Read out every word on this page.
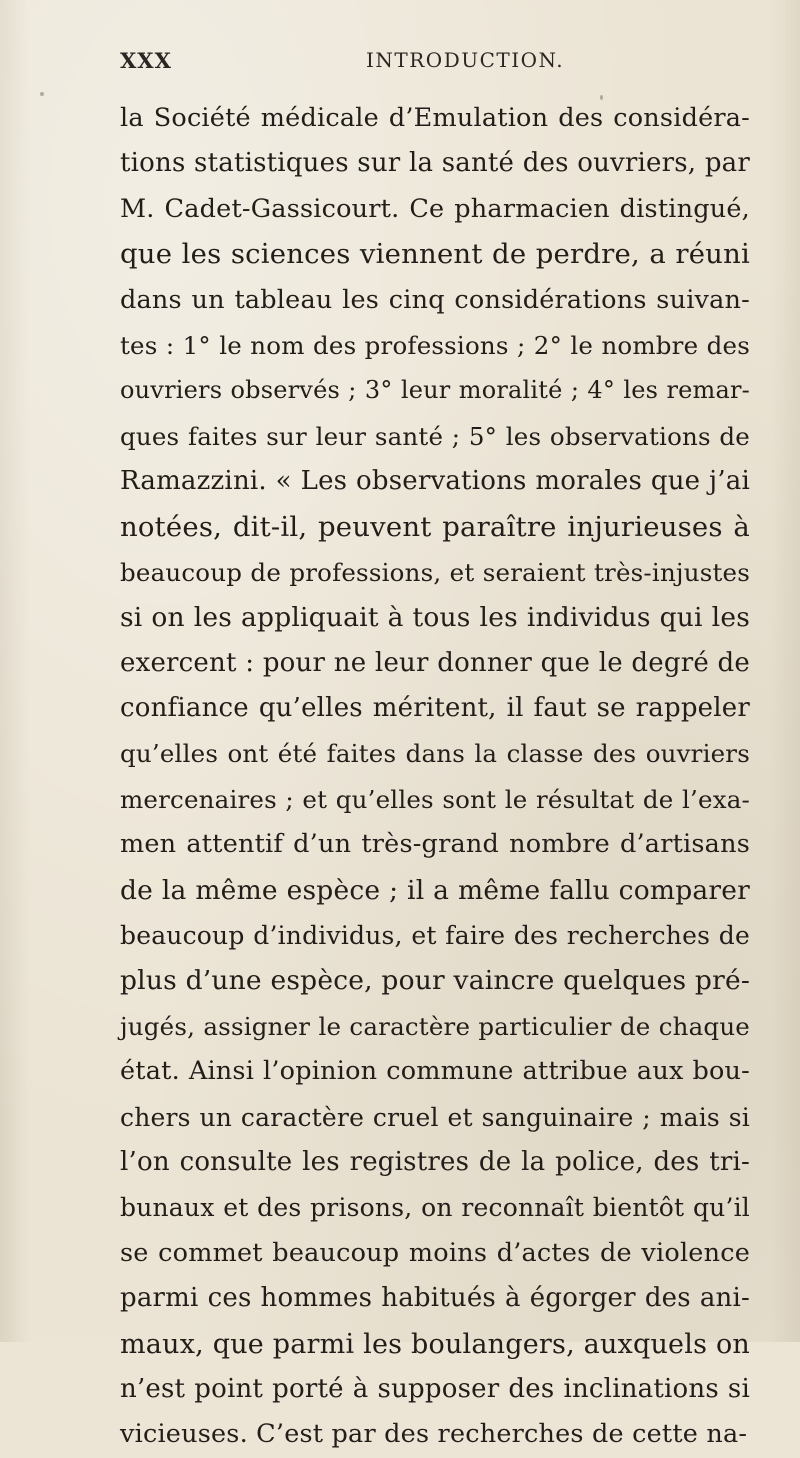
XXX	INTRODUCTION.
la Société médicale d’Emulation des considéra-
tions statistiques sur la santé des ouvriers, par
M. Cadet-Gassicourt. Ce pharmacien distingué,
que les sciences viennent de perdre, a réuni
dans un tableau les cinq considérations suivan-
tes : 1° le nom des professions ; 2° le nombre des
ouvriers observés ; 3° leur moralité ; 4° les remar-
ques faites sur leur santé ; 5° les observations de
Ramazzini. « Les observations morales que j’ai
notées, dit-il, peuvent paraître injurieuses à
beaucoup de professions, et seraient très-injustes
si on les appliquait à tous les individus qui les
exercent : pour ne leur donner que le degré de
confiance qu’elles méritent, il faut se rappeler
qu’elles ont été faites dans la classe des ouvriers
mercenaires ; et qu’elles sont le résultat de l’exa-
men attentif d’un très-grand nombre d’artisans
de la même espèce ; il a même fallu comparer
beaucoup d’individus, et faire des recherches de
plus d’une espèce, pour vaincre quelques pré-
jugés, assigner le caractère particulier de chaque
état. Ainsi l’opinion commune attribue aux bou-
chers un caractère cruel et sanguinaire ; mais si
l’on consulte les registres de la police, des tri-
bunaux et des prisons, on reconnaît bientôt qu’il
se commet beaucoup moins d’actes de violence
parmi ces hommes habitués à égorger des ani-
maux, que parmi les boulangers, auxquels on
n’est point porté à supposer des inclinations si
vicieuses. C’est par des recherches de cette na-
